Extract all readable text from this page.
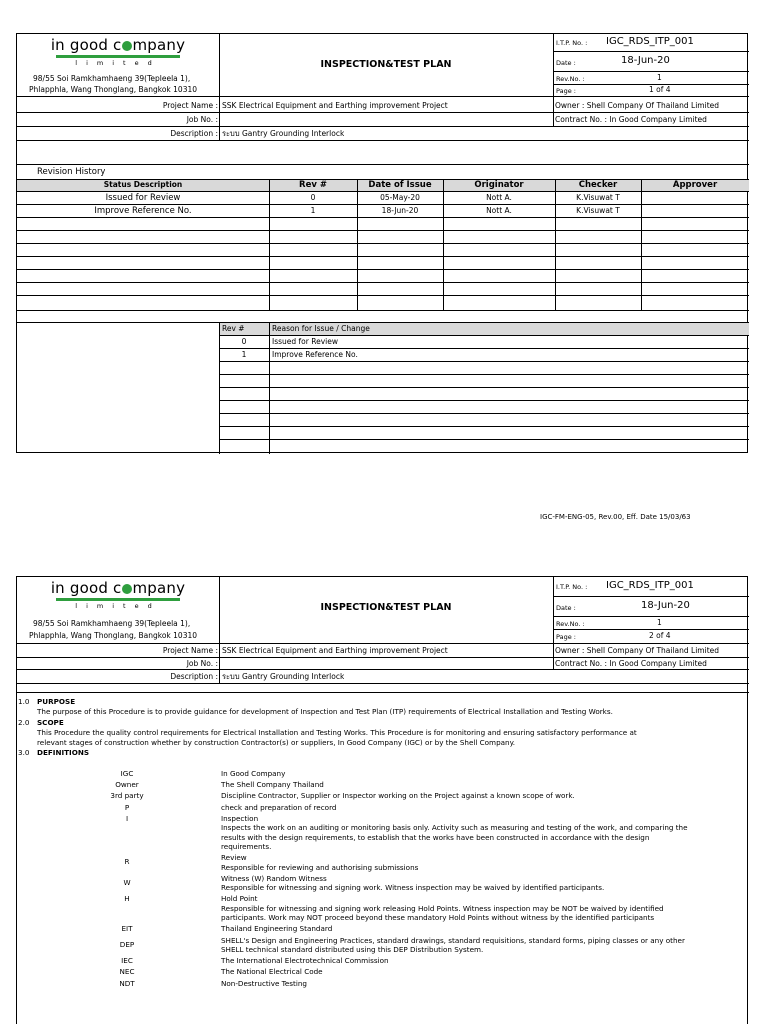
in good c mpany
limited
98/55 Soi Ramkhamhaeng 39(Tepleela 1),
Phlapphla, Wang Thonglang, Bangkok 10310
INSPECTION&TEST PLAN
I.T.P. No. : IGC_RDS_ITP_001
Date :	18-Jun-20
Rev.No. :	1
Page :	1 of 4
Project Name : SSK Electrical Equipment and Earthing improvement Project	Owner : Shell Company Of Thailand Limited
Job No. :	Contract No. : In Good Company Limited
Description : ระบบ Gantry Grounding Interlock
Revision History
Status Description	Rev #	Date of Issue	Originator	Checker	Approver
Issued for Review	0	05-May-20	Nott A.	K.Visuwat T
Improve Reference No.	1	18-Jun-20	Nott A.	K.Visuwat T
Rev #	Reason for Issue / Change
0	Issued for Review
1	Improve Reference No.
IGC-FM-ENG-05, Rev.00, Eff. Date 15/03/63
in good c mpany
limited
98/55 Soi Ramkhamhaeng 39(Tepleela 1),
Phlapphla, Wang Thonglang, Bangkok 10310
INSPECTION&TEST PLAN
I.T.P. No. : IGC_RDS_ITP_001
Date :	18-Jun-20
Rev.No. :	1
Page :	2 of 4
Project Name : SSK Electrical Equipment and Earthing improvement Project	Owner : Shell Company Of Thailand Limited
Job No. :	Contract No. : In Good Company Limited
Description : ระบบ Gantry Grounding Interlock
1.0 PURPOSE
The purpose of this Procedure is to provide guidance for development of Inspection and Test Plan (ITP) requirements of Electrical Installation and Testing Works.
2.0 SCOPE
This Procedure the quality control requirements for Electrical Installation and Testing Works. This Procedure is for monitoring and ensuring satisfactory performance at
relevant stages of construction whether by construction Contractor(s) or suppliers, In Good Company (IGC) or by the Shell Company.
3.0 DEFINITIONS
IGC	In Good Company
Owner	The Shell Company Thailand
3rd party	Discipline Contractor, Supplier or Inspector working on the Project against a known scope of work.
P	check and preparation of record
I	Inspection
Inspects the work on an auditing or monitoring basis only. Activity such as measuring and testing of the work, and comparing the
results with the design requirements, to establish that the works have been constructed in accordance with the design
requirements.
R	Review
Responsible for reviewing and authorising submissions
W	Witness (W) Random Witness
Responsible for witnessing and signing work. Witness inspection may be waived by identified participants.
H	Hold Point
Responsible for witnessing and signing work releasing Hold Points. Witness inspection may be NOT be waived by identified
participants. Work may NOT proceed beyond these mandatory Hold Points without witness by the identified participants
EIT	Thailand Engineering Standard
DEP	SHELL's Design and Engineering Practices, standard drawings, standard requisitions, standard forms, piping classes or any other
SHELL technical standard distributed using this DEP Distribution System.
IEC	The International Electrotechnical Commission
NEC	The National Electrical Code
NDT	Non-Destructive Testing
